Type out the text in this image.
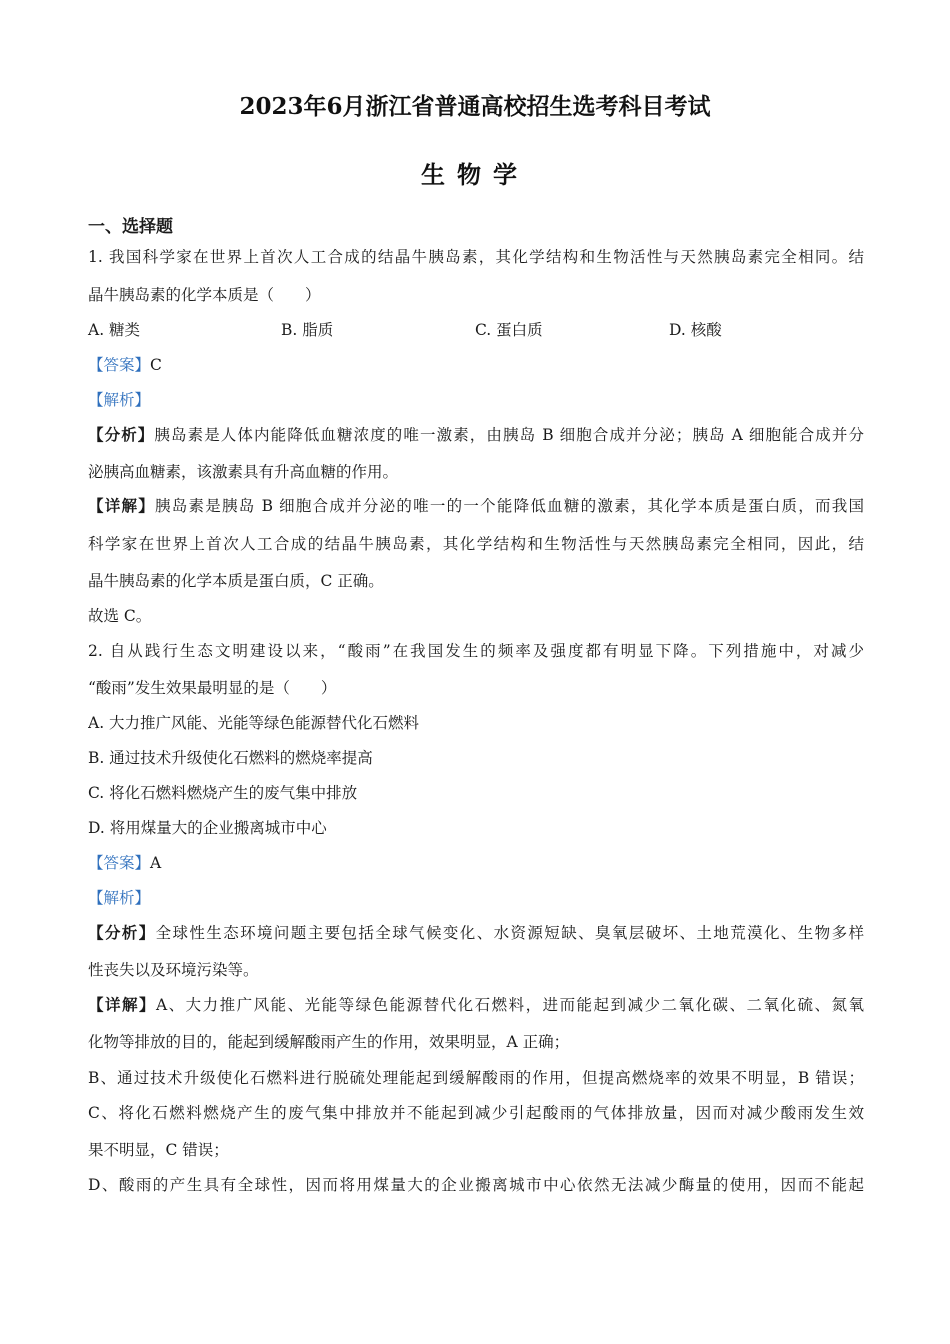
2023年6月浙江省普通高校招生选考科目考试
生物学
一、选择题
1. 我国科学家在世界上首次人工合成的结晶牛胰岛素，其化学结构和生物活性与天然胰岛素完全相同。结
晶牛胰岛素的化学本质是（　　）
A. 糖类	B. 脂质	C. 蛋白质	D. 核酸
【答案】C
【解析】
【分析】胰岛素是人体内能降低血糖浓度的唯一激素，由胰岛 B 细胞合成并分泌；胰岛 A 细胞能合成并分
泌胰高血糖素，该激素具有升高血糖的作用。
【详解】胰岛素是胰岛 B 细胞合成并分泌的唯一的一个能降低血糖的激素，其化学本质是蛋白质，而我国
科学家在世界上首次人工合成的结晶牛胰岛素，其化学结构和生物活性与天然胰岛素完全相同，因此，结
晶牛胰岛素的化学本质是蛋白质，C 正确。
故选 C。
2. 自从践行生态文明建设以来，“酸雨”在我国发生的频率及强度都有明显下降。下列措施中，对减少
“酸雨”发生效果最明显的是（　　）
A. 大力推广风能、光能等绿色能源替代化石燃料
B. 通过技术升级使化石燃料的燃烧率提高
C. 将化石燃料燃烧产生的废气集中排放
D. 将用煤量大的企业搬离城市中心
【答案】A
【解析】
【分析】全球性生态环境问题主要包括全球气候变化、水资源短缺、臭氧层破坏、土地荒漠化、生物多样
性丧失以及环境污染等。
【详解】A、大力推广风能、光能等绿色能源替代化石燃料，进而能起到减少二氧化碳、二氧化硫、氮氧
化物等排放的目的，能起到缓解酸雨产生的作用，效果明显，A 正确；
B、通过技术升级使化石燃料进行脱硫处理能起到缓解酸雨的作用，但提高燃烧率的效果不明显，B 错误；
C、将化石燃料燃烧产生的废气集中排放并不能起到减少引起酸雨的气体排放量，因而对减少酸雨发生效
果不明显，C 错误；
D、酸雨的产生具有全球性，因而将用煤量大的企业搬离城市中心依然无法减少酶量的使用，因而不能起
